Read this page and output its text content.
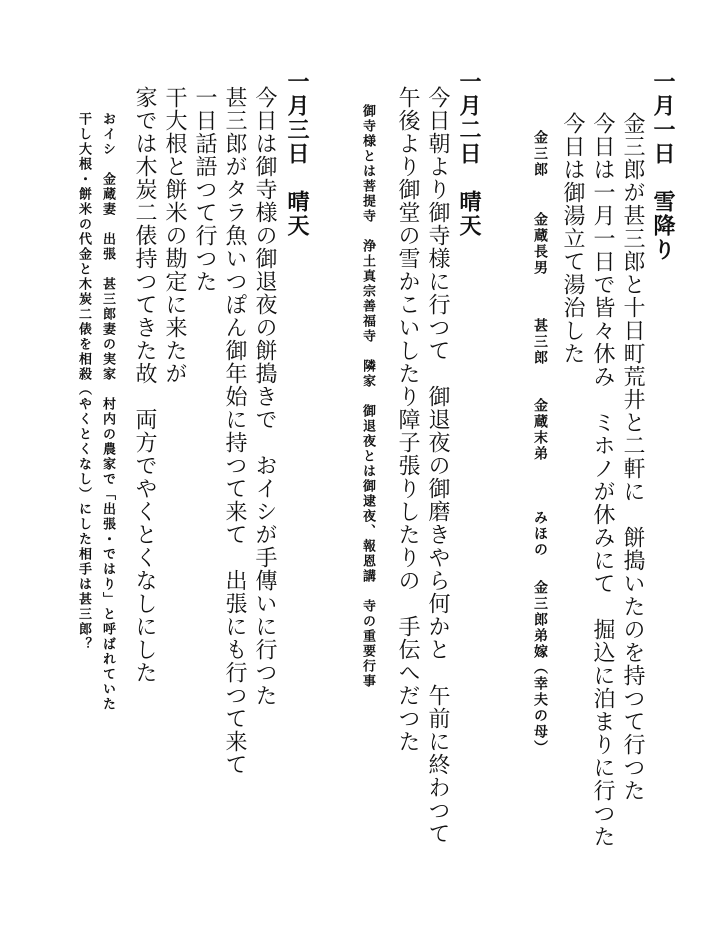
一月一日　雪降り
金三郎が甚三郎と十日町荒井と二軒に　餅搗いたのを持つて行つた
今日は一月一日で皆々休み　ミホノが休みにて　掘込に泊まりに行つた
今日は御湯立て湯治した
金三郎
金蔵長男
甚三郎
金蔵末弟
みほの
金三郎弟嫁（幸夫の母）
一月二日　晴天
今日朝より御寺様に行つて　御退夜の御磨きやら何かと　午前に終わつて
午後より御堂の雪かこいしたり障子張りしたりの　手伝へだつた
御寺様とは菩提寺　浄土真宗善福寺　隣家　御退夜とは御逮夜、報恩講　寺の重要行事
一月三日　晴天
今日は御寺様の御退夜の餅搗きで　おイシが手傳いに行つた
甚三郎がタラ魚いつぽん御年始に持つて来て　出張にも行つて来て
一日話語つて行つた
干大根と餅米の勘定に来たが
家では木炭二俵持つてきた故　両方でやくとくなしにした
おイシ　金蔵妻　出張　甚三郎妻の実家　村内の農家で「出張・ではり」と呼ばれていた
干し大根・餅米の代金と木炭二俵を相殺（やくとくなし）にした相手は甚三郎？
